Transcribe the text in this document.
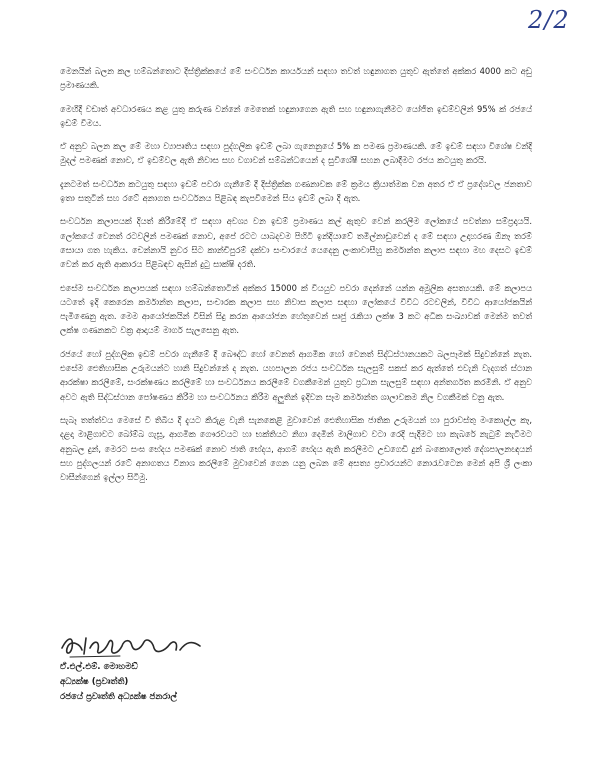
2/2

මෙනයින් බලන කල හම්බන්තොට දිස්ත්‍රික්කයේ මේ සංවර්ධන කාර්යයන් සඳහා තවත් හඳුනාගත යුතුව ඇත්තේ අක්කර 4000 කට අඩු ප්‍රමාණයකි.

මෙහිදී වඩාත් අවධාරණය කළ යුතු කරුණ වන්නේ මෙතෙක් හඳුනාගෙන ඇති සහ හඳුනාගැනීමට යෝජිත ඉඩම්වලින් 95% ක් රජයේ ඉඩම් වීමය.

ඒ අනුව බලන කල මේ මහා ව්‍යාපෘතිය සඳහා පුද්ගලික ඉඩම් ලබා ගැනෙනුයේ 5% ක පමණ ප්‍රමාණයකි. මේ ඉඩම් සඳහා විශේෂ වන්දි මුදල් පමණක් නොව, ඒ ඉඩම්වල ඇති නිවාස සහ වගාවන් සම්බන්ධයෙන් ද සුවිශේෂී සහන ලබාදීමට රජය කටයුතු කරයි.

දැනටමත් සංවර්ධන කටයුතු සඳහා ඉඩම් පවරා ගැනීමේ දී දිස්ත්‍රික්ක ගණනාවක මේ ක්‍රමය ක්‍රියාත්මක වන අතර ඒ ඒ ප්‍රදේශවල ජනතාව ඉතා සතුටින් සහ රටේ අනාගත සංවර්ධනය පිළිබඳ කැපවීමෙන් සිය ඉඩම් ලබා දී ඇත.

සංවර්ධන කලාපයක් දියත් කිරීමේදී ඒ සඳහා අවශ්‍ය වන ඉඩම් ප්‍රමාණය කල් ඇතුව වෙන් කරලීම ලෝකයේ පවත්නා සම්ප්‍රදායයි. ලෝකයේ වෙනත් රටවලින් පමණක් නොව, අපේ රටට යාබදවම පිහිටි ඉන්දියාවේ තමිල්නාඩුවෙන් ද මේ සඳහා උදාහරණ ඕනෑ තරම් සොයා ගත හැකිය. චෙන්නායි නුවර සිට කාන්චිපුරම් දක්වා සංචාරයේ යෙදෙනු ලංකාවාසීහු කර්මාන්ත කලාප සඳහා මහ දෙසට ඉඩම් වෙන් කර ඇති ආකාරය පිළිබඳව ඇසින් දුටු සාක්ෂි දරති.

එසේම සංවර්ධන කලාපයක් සඳහා හම්බන්තොටින් අක්කර 15000 ක් වියයුව පවරා දෙන්නේ යන්න අමුලික අසත්‍යයකි. මේ කලාපය යටතේ ඉදි කෙරෙන කර්මාන්ත කලාප, සංචාරක කලාප සහ නිවාස කලාප සඳහා ලෝකයේ විවිධ රටවලින්, විවිධ ආයෝජකයින් පැමිණෙනු ඇත. මෙම ආයෝජකයින් විසින් සිදු කරන ආයෝජන හේතුවෙන් සෘජු රැකියා ලක්ෂ 3 කට අධික සංඛ්‍යාවක් මෙන්ම තවත් ලක්ෂ ගණනකට වක්‍ර ආදායම් මාර්ග සැලසෙනු ඇත.

රජයේ හෝ පුද්ගලික ඉඩම් පවරා ගැනීමේ දී බෞද්ධ හෝ වෙනත් ආගමික හෝ වෙනත් සිද්ධස්ථානයකට බලපෑමක් සිදුවන්නේ නැත. එසේම ඓතිහාසික උරුමයන්ට හානි සිදුවන්නේ ද නැත. යහපාලන රජය සංවර්ධන සැලසුම් සකස් කර ඇත්තේ එවැනි වැදගත් ස්ථාන ආරක්ෂා කරලීමේ, සංරක්ෂණය කරලීමේ හා සංවර්ධනය කරලීමේ වගකීමෙන් යුතුව ප්‍රධාන සැලසුම් සඳහා අන්තර්ගත කරමිනි. ඒ අනුව අවට ඇති සිද්ධස්ථාන පෝෂණය කිරීම හා සංවර්ධනය කිරීම අලුතින් ඉදිවන සෑම කර්මාන්ත ශාලාවකම නිල වගකීමක් වනු ඇත.

සැබෑ තත්ත්වය මෙසේ වී තිබිය දී දැයට කිරුළ වැනි සැනකෙළි මුවාවෙන් ඓතිහාසික ජාතික උරුමයන් හා පුරාවස්තු මංකොල්ල කෑ, දළදා මාළිගාවට බෝම්බ ගැසූ, ආගමික ගෞරවයට හා භක්තියට නිගා දෙමින් මාලිගාව වටා රෙදි පැදීමට හා කැබරේ නැටුම් නැටීමට අනුබල දුන්, මෙරට සංඝ භේදය පමණක් නොව ජාති භේදය, ආගම් භේදය ඇති කරලීමට උඩගෙඩි දුන් බංකොලොත් දේශපාලනඥයන් සහ පුද්ගලයන් රටේ අනාගතය විනාශ කරලීමේ මුවාවෙන් ගෙන යනු ලබන මේ අසත්‍ය ප්‍රචාරයන්ට නොරැවටෙන මෙන් අපි ශ්‍රී ලංකා වාසීන්ගෙන් ඉල්ලා සිටිමු.

ඒ.එල්.එම්. මොහමඩ්

අධ්‍යක්ෂ (ප්‍රවෘත්ති)

රජයේ ප්‍රවෘත්ති අධ්‍යක්ෂ ජනරාල්
